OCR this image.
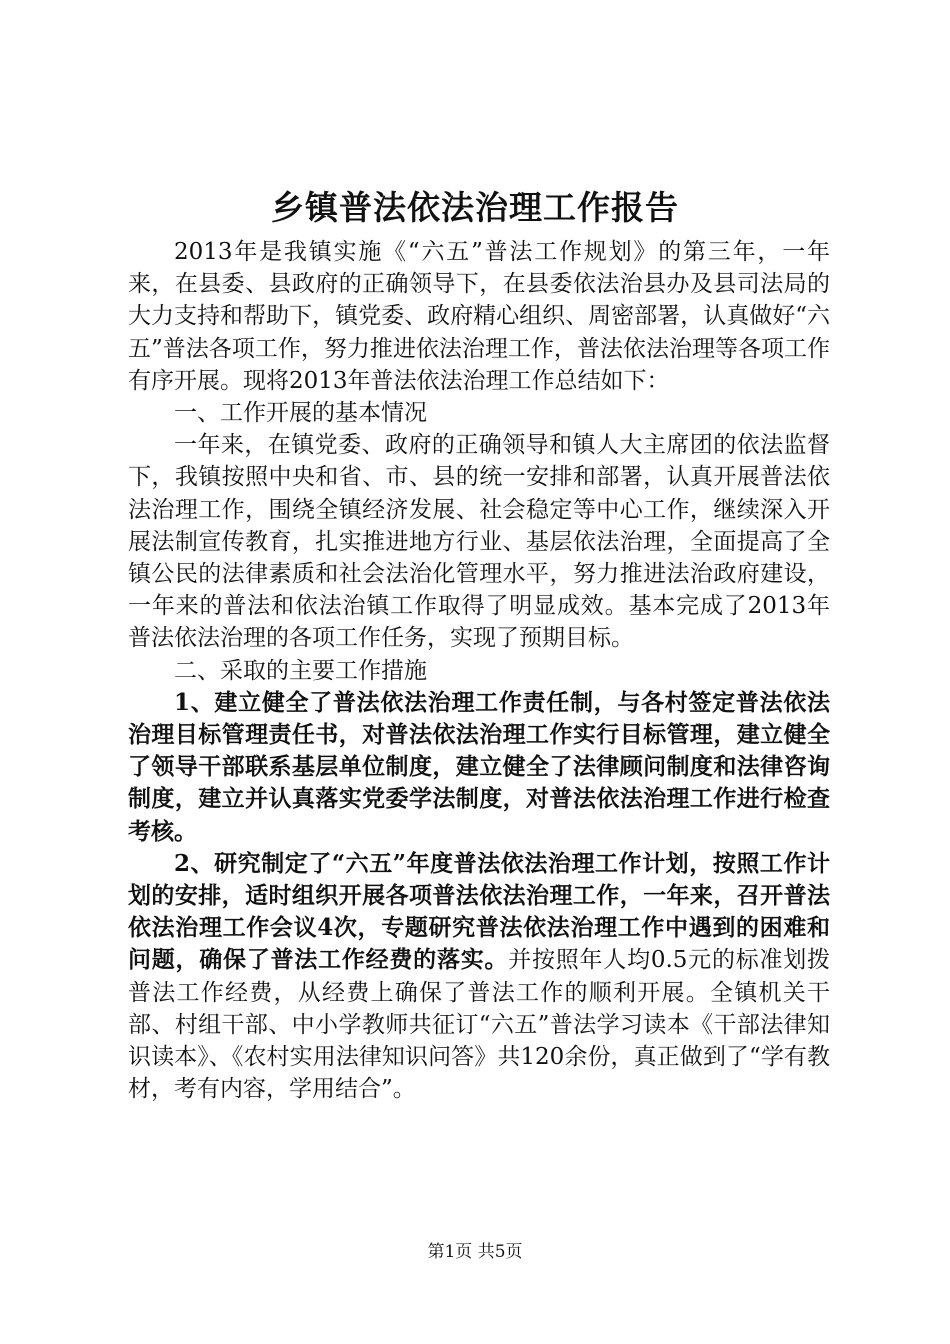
乡镇普法依法治理工作报告

2013年是我镇实施《“六五”普法工作规划》的第三年，一年来，在县委、县政府的正确领导下，在县委依法治县办及县司法局的大力支持和帮助下，镇党委、政府精心组织、周密部署，认真做好“六五”普法各项工作，努力推进依法治理工作，普法依法治理等各项工作有序开展。现将2013年普法依法治理工作总结如下：

一、工作开展的基本情况

一年来，在镇党委、政府的正确领导和镇人大主席团的依法监督下，我镇按照中央和省、市、县的统一安排和部署，认真开展普法依法治理工作，围绕全镇经济发展、社会稳定等中心工作，继续深入开展法制宣传教育，扎实推进地方行业、基层依法治理，全面提高了全镇公民的法律素质和社会法治化管理水平，努力推进法治政府建设，一年来的普法和依法治镇工作取得了明显成效。基本完成了2013年普法依法治理的各项工作任务，实现了预期目标。

二、采取的主要工作措施

1、建立健全了普法依法治理工作责任制，与各村签定普法依法治理目标管理责任书，对普法依法治理工作实行目标管理，建立健全了领导干部联系基层单位制度，建立健全了法律顾问制度和法律咨询制度，建立并认真落实党委学法制度，对普法依法治理工作进行检查考核。

2、研究制定了“六五”年度普法依法治理工作计划，按照工作计划的安排，适时组织开展各项普法依法治理工作，一年来，召开普法依法治理工作会议4次，专题研究普法依法治理工作中遇到的困难和问题，确保了普法工作经费的落实。并按照年人均0.5元的标准划拨普法工作经费，从经费上确保了普法工作的顺利开展。全镇机关干部、村组干部、中小学教师共征订“六五”普法学习读本《干部法律知识读本》、《农村实用法律知识问答》共120余份，真正做到了“学有教材，考有内容，学用结合”。

第1页 共5页
